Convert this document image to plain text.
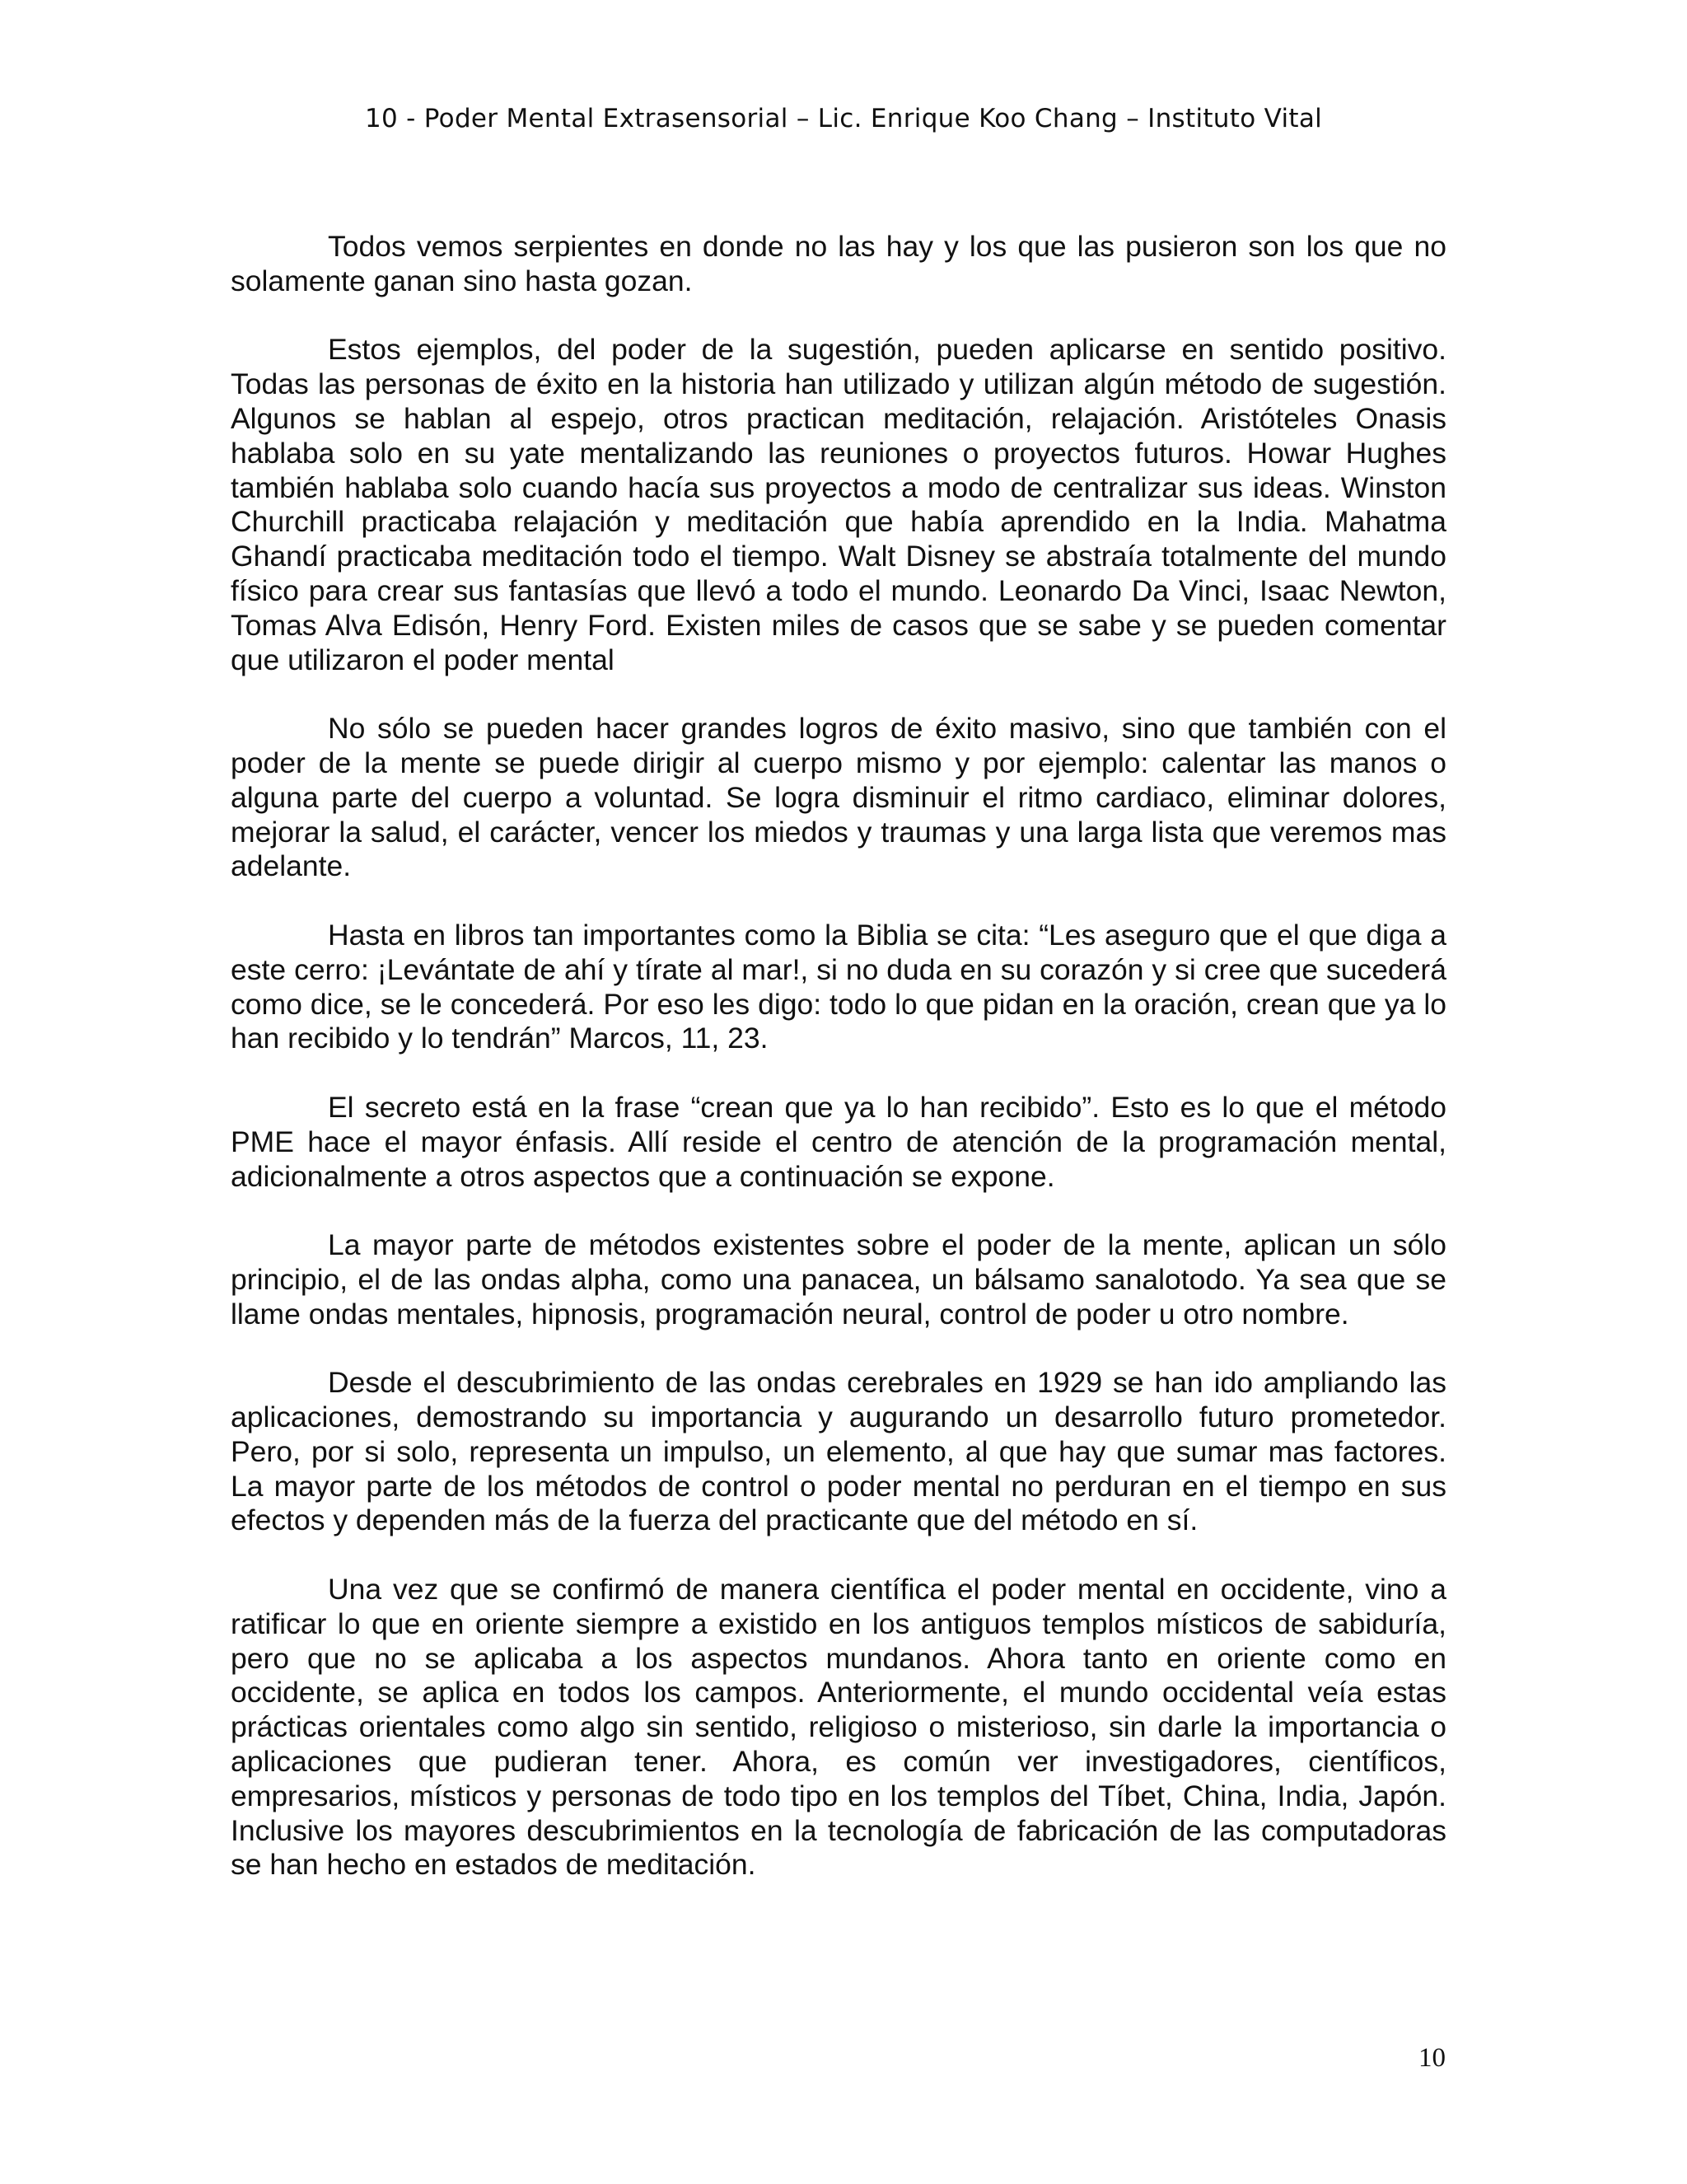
10 - Poder Mental Extrasensorial – Lic. Enrique Koo Chang – Instituto Vital

Todos vemos serpientes en donde no las hay y los que las pusieron son los que no solamente ganan sino hasta gozan.

Estos ejemplos, del poder de la sugestión, pueden aplicarse en sentido positivo. Todas las personas de éxito en la historia han utilizado y utilizan algún método de sugestión. Algunos se hablan al espejo, otros practican meditación, relajación. Aristóteles Onasis hablaba solo en su yate mentalizando las reuniones o proyectos futuros. Howar Hughes también hablaba solo cuando hacía sus proyectos a modo de centralizar sus ideas. Winston Churchill practicaba relajación y meditación que había aprendido en la India. Mahatma Ghandí practicaba meditación todo el tiempo. Walt Disney se abstraía totalmente del mundo físico para crear sus fantasías que llevó a todo el mundo. Leonardo Da Vinci, Isaac Newton, Tomas Alva Edisón, Henry Ford. Existen miles de casos que se sabe y se pueden comentar que utilizaron el poder mental

No sólo se pueden hacer grandes logros de éxito masivo, sino que también con el poder de la mente se puede dirigir al cuerpo mismo y por ejemplo: calentar las manos o alguna parte del cuerpo a voluntad. Se logra disminuir el ritmo cardiaco, eliminar dolores, mejorar la salud, el carácter, vencer los miedos y traumas y una larga lista que veremos mas adelante.

Hasta en libros tan importantes como la Biblia se cita: “Les aseguro que el que diga a este cerro: ¡Levántate de ahí y tírate al mar!, si no duda en su corazón y si cree que sucederá como dice, se le concederá. Por eso les digo: todo lo que pidan en la oración, crean que ya lo han recibido y lo tendrán” Marcos, 11, 23.

El secreto está en la frase “crean que ya lo han recibido”. Esto es lo que el método PME hace el mayor énfasis. Allí reside el centro de atención de la programación mental, adicionalmente a otros aspectos que a continuación se expone.

La mayor parte de métodos existentes sobre el poder de la mente, aplican un sólo principio, el de las ondas alpha, como una panacea, un bálsamo sanalotodo. Ya sea que se llame ondas mentales, hipnosis, programación neural, control de poder u otro nombre.

Desde el descubrimiento de las ondas cerebrales en 1929 se han ido ampliando las aplicaciones, demostrando su importancia y augurando un desarrollo futuro prometedor. Pero, por si solo, representa un impulso, un elemento, al que hay que sumar mas factores. La mayor parte de los métodos de control o poder mental no perduran en el tiempo en sus efectos y dependen más de la fuerza del practicante que del método en sí.

Una vez que se confirmó de manera científica el poder mental en occidente, vino a ratificar lo que en oriente siempre a existido en los antiguos templos místicos de sabiduría, pero que no se aplicaba a los aspectos mundanos. Ahora tanto en oriente como en occidente, se aplica en todos los campos. Anteriormente, el mundo occidental veía estas prácticas orientales como algo sin sentido, religioso o misterioso, sin darle la importancia o aplicaciones que pudieran tener. Ahora, es común ver investigadores, científicos, empresarios, místicos y personas de todo tipo en los templos del Tíbet, China, India, Japón. Inclusive los mayores descubrimientos en la tecnología de fabricación de las computadoras se han hecho en estados de meditación.

10
